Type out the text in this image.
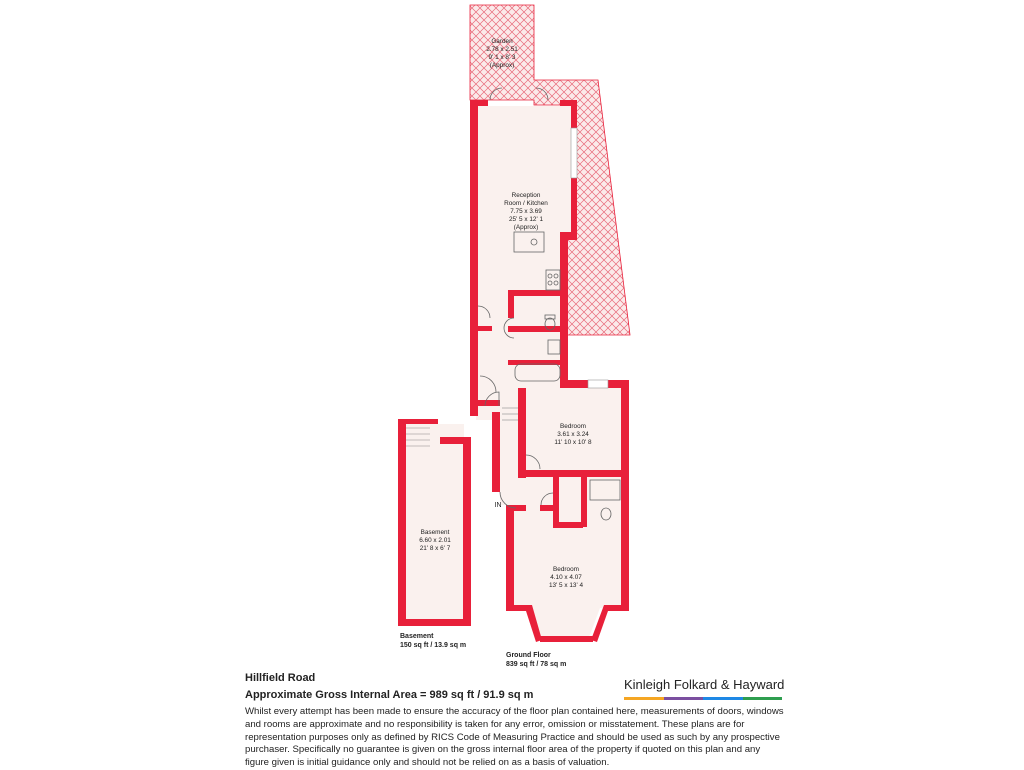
Garden
2.78 x 2.51
9' 1 x 8' 3
(Approx)
Reception
Room / Kitchen
7.75 x 3.69
25' 5 x 12' 1
(Approx)
Bedroom
3.61 x 3.24
11' 10 x 10' 8
Bedroom
4.10 x 4.07
13' 5 x 13' 4
Basement
6.60 x 2.01
21' 8 x 6' 7
IN
Basement
150 sq ft / 13.9 sq m
Ground Floor
839 sq ft / 78 sq m
Hillfield Road
Approximate Gross Internal Area = 989 sq ft / 91.9 sq m
Whilst every attempt has been made to ensure the accuracy of the floor plan contained here, measurements of doors, windows and rooms are approximate and no responsibility is taken for any error, omission or misstatement. These plans are for representation purposes only as defined by RICS Code of Measuring Practice and should be used as such by any prospective purchaser. Specifically no guarantee is given on the gross internal floor area of the property if quoted on this plan and any figure given is initial guidance only and should not be relied on as a basis of valuation.
Kinleigh Folkard & Hayward
